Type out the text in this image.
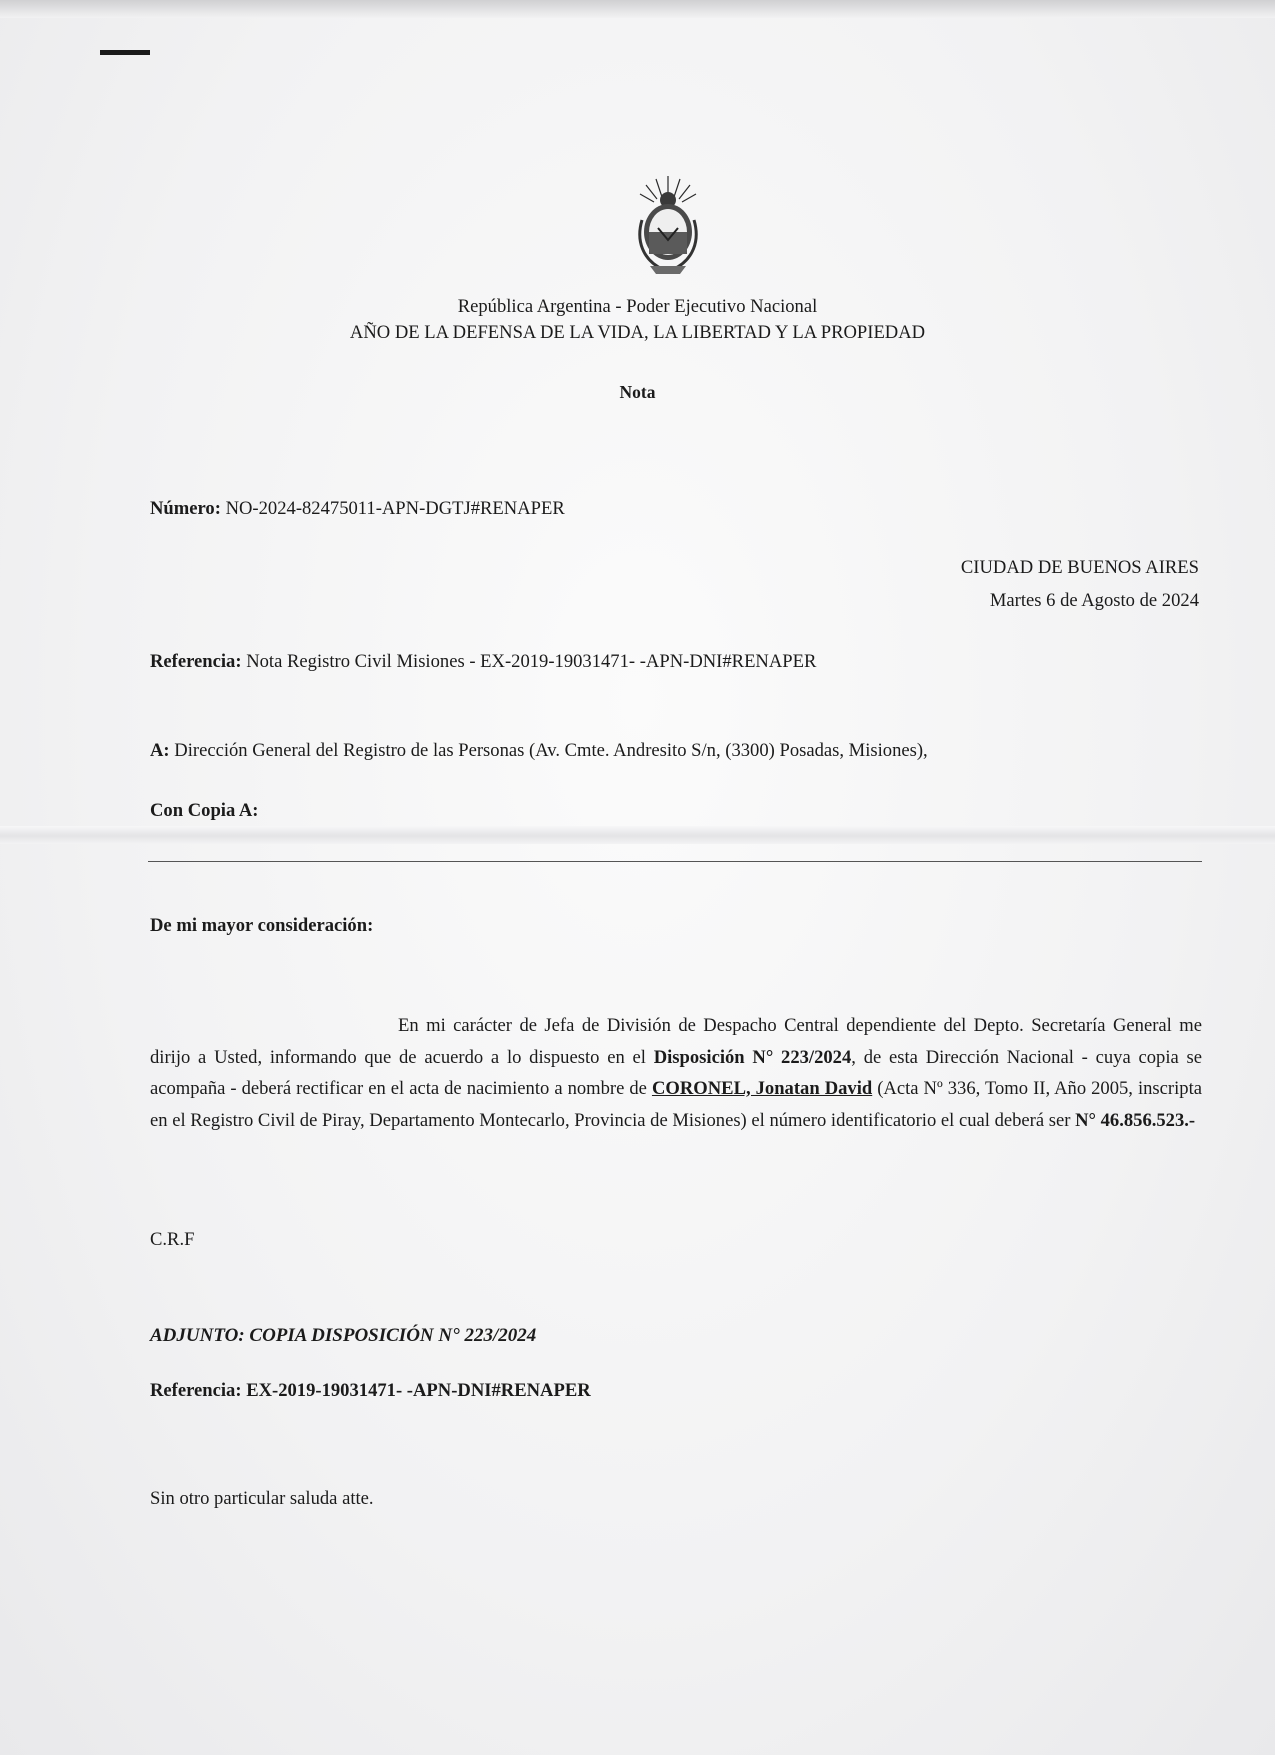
República Argentina - Poder Ejecutivo Nacional
AÑO DE LA DEFENSA DE LA VIDA, LA LIBERTAD Y LA PROPIEDAD
Nota
Número: NO-2024-82475011-APN-DGTJ#RENAPER
CIUDAD DE BUENOS AIRES
Martes 6 de Agosto de 2024
Referencia: Nota Registro Civil Misiones - EX-2019-19031471- -APN-DNI#RENAPER
A: Dirección General del Registro de las Personas (Av. Cmte. Andresito S/n, (3300) Posadas, Misiones),
Con Copia A:
De mi mayor consideración:
En mi carácter de Jefa de División de Despacho Central dependiente del Depto. Secretaría General me dirijo a Usted, informando que de acuerdo a lo dispuesto en el Disposición N° 223/2024, de esta Dirección Nacional - cuya copia se acompaña - deberá rectificar en el acta de nacimiento a nombre de CORONEL, Jonatan David (Acta Nº 336, Tomo II, Año 2005, inscripta en el Registro Civil de Piray, Departamento Montecarlo, Provincia de Misiones) el número identificatorio el cual deberá ser N° 46.856.523.-
C.R.F
ADJUNTO: COPIA DISPOSICIÓN N° 223/2024
Referencia: EX-2019-19031471- -APN-DNI#RENAPER
Sin otro particular saluda atte.
